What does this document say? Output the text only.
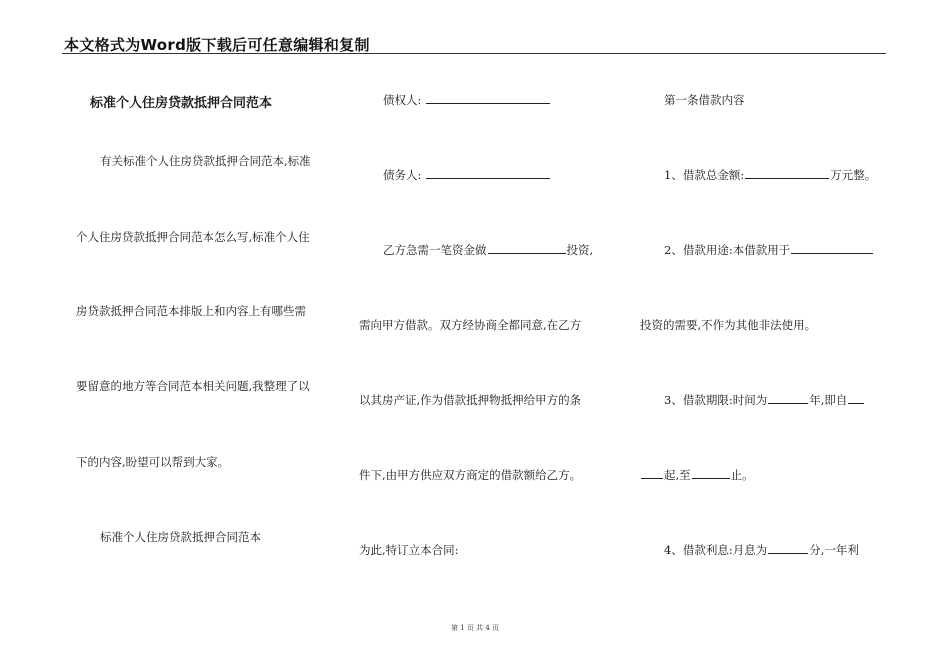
本文格式为Word版下载后可任意编辑和复制
标准个人住房贷款抵押合同范本
有关标准个人住房贷款抵押合同范本,标准
个人住房贷款抵押合同范本怎么写,标准个人住
房贷款抵押合同范本排版上和内容上有哪些需
要留意的地方等合同范本相关问题,我整理了以
下的内容,盼望可以帮到大家。
标准个人住房贷款抵押合同范本
债权人:
债务人:
乙方急需一笔资金做	投资,
需向甲方借款。双方经协商全都同意,在乙方
以其房产证,作为借款抵押物抵押给甲方的条
件下,由甲方供应双方商定的借款额给乙方。
为此,特订立本合同:
第一条借款内容
1、借款总金额:	万元整。
2、借款用途:本借款用于
投资的需要,不作为其他非法使用。
3、借款期限:时间为	年,即自
起,至	止。
4、借款利息:月息为	分,一年利
第 1 页 共 4 页
